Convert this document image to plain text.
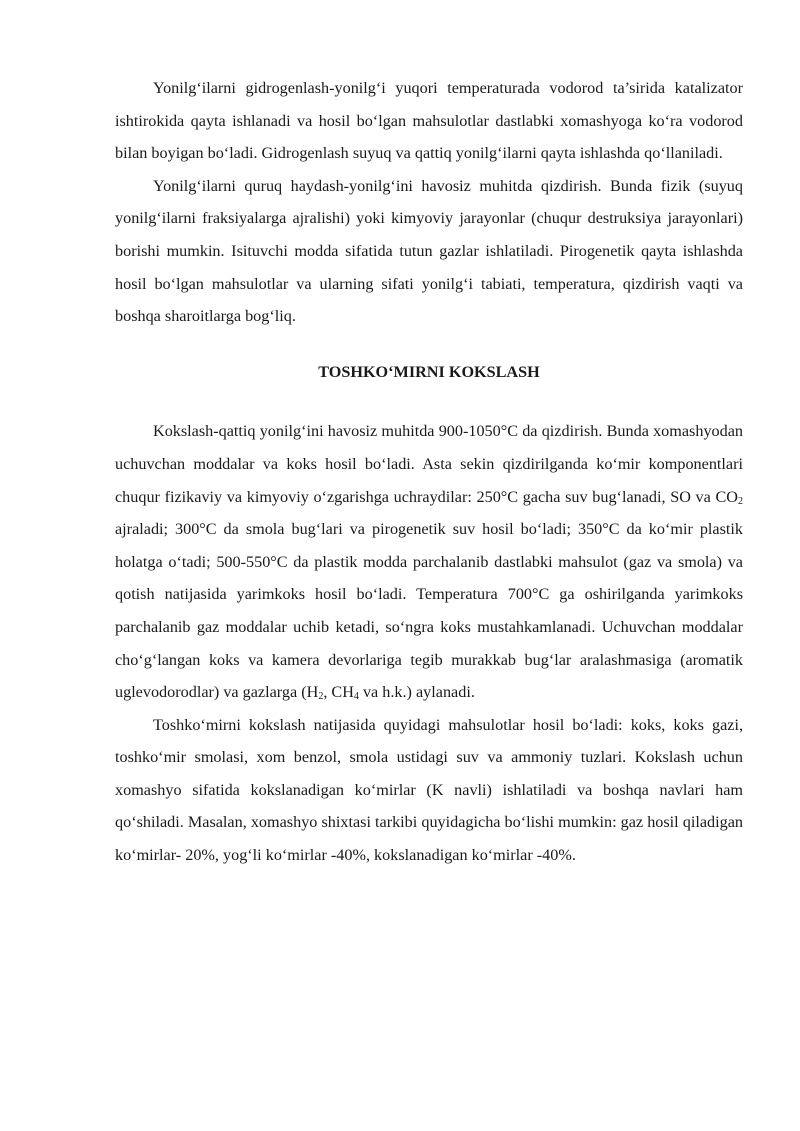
Yonilg‘ilarni gidrogenlash-yonilg‘i yuqori temperaturada vodorod ta’sirida katalizator ishtirokida qayta ishlanadi va hosil bo‘lgan mahsulotlar dastlabki xomashyoga ko‘ra vodorod bilan boyigan bo‘ladi. Gidrogenlash suyuq va qattiq yonilg‘ilarni qayta ishlashda qo‘llaniladi.

Yonilg‘ilarni quruq haydash-yonilg‘ini havosiz muhitda qizdirish. Bunda fizik (suyuq yonilg‘ilarni fraksiyalarga ajralishi) yoki kimyoviy jarayonlar (chuqur destruksiya jarayonlari) borishi mumkin. Isituvchi modda sifatida tutun gazlar ishlatiladi. Pirogenetik qayta ishlashda hosil bo‘lgan mahsulotlar va ularning sifati yonilg‘i tabiati, temperatura, qizdirish vaqti va boshqa sharoitlarga bog‘liq.

TOSHKO‘MIRNI KOKSLASH

Kokslash-qattiq yonilg‘ini havosiz muhitda 900-1050°C da qizdirish. Bunda xomashyodan uchuvchan moddalar va koks hosil bo‘ladi. Asta sekin qizdirilganda ko‘mir komponentlari chuqur fizikaviy va kimyoviy o‘zgarishga uchraydilar: 250°C gacha suv bug‘lanadi, SO va $CO_2$ ajraladi; 300°C da smola bug‘lari va pirogenetik suv hosil bo‘ladi; 350°C da ko‘mir plastik holatga o‘tadi; 500-550°C da plastik modda parchalanib dastlabki mahsulot (gaz va smola) va qotish natijasida yarimkoks hosil bo‘ladi. Temperatura 700°C ga oshirilganda yarimkoks parchalanib gaz moddalar uchib ketadi, so‘ngra koks mustahkamlanadi. Uchuvchan moddalar cho‘g‘langan koks va kamera devorlariga tegib murakkab bug‘lar aralashmasiga (aromatik uglevodorodlar) va gazlarga ($H_2$, $CH_4$ va h.k.) aylanadi.

Toshko‘mirni kokslash natijasida quyidagi mahsulotlar hosil bo‘ladi: koks, koks gazi, toshko‘mir smolasi, xom benzol, smola ustidagi suv va ammoniy tuzlari. Kokslash uchun xomashyo sifatida kokslanadigan ko‘mirlar (K navli) ishlatiladi va boshqa navlari ham qo‘shiladi. Masalan, xomashyo shixtasi tarkibi quyidagicha bo‘lishi mumkin: gaz hosil qiladigan ko‘mirlar- 20%, yog‘li ko‘mirlar -40%, kokslanadigan ko‘mirlar -40%.
